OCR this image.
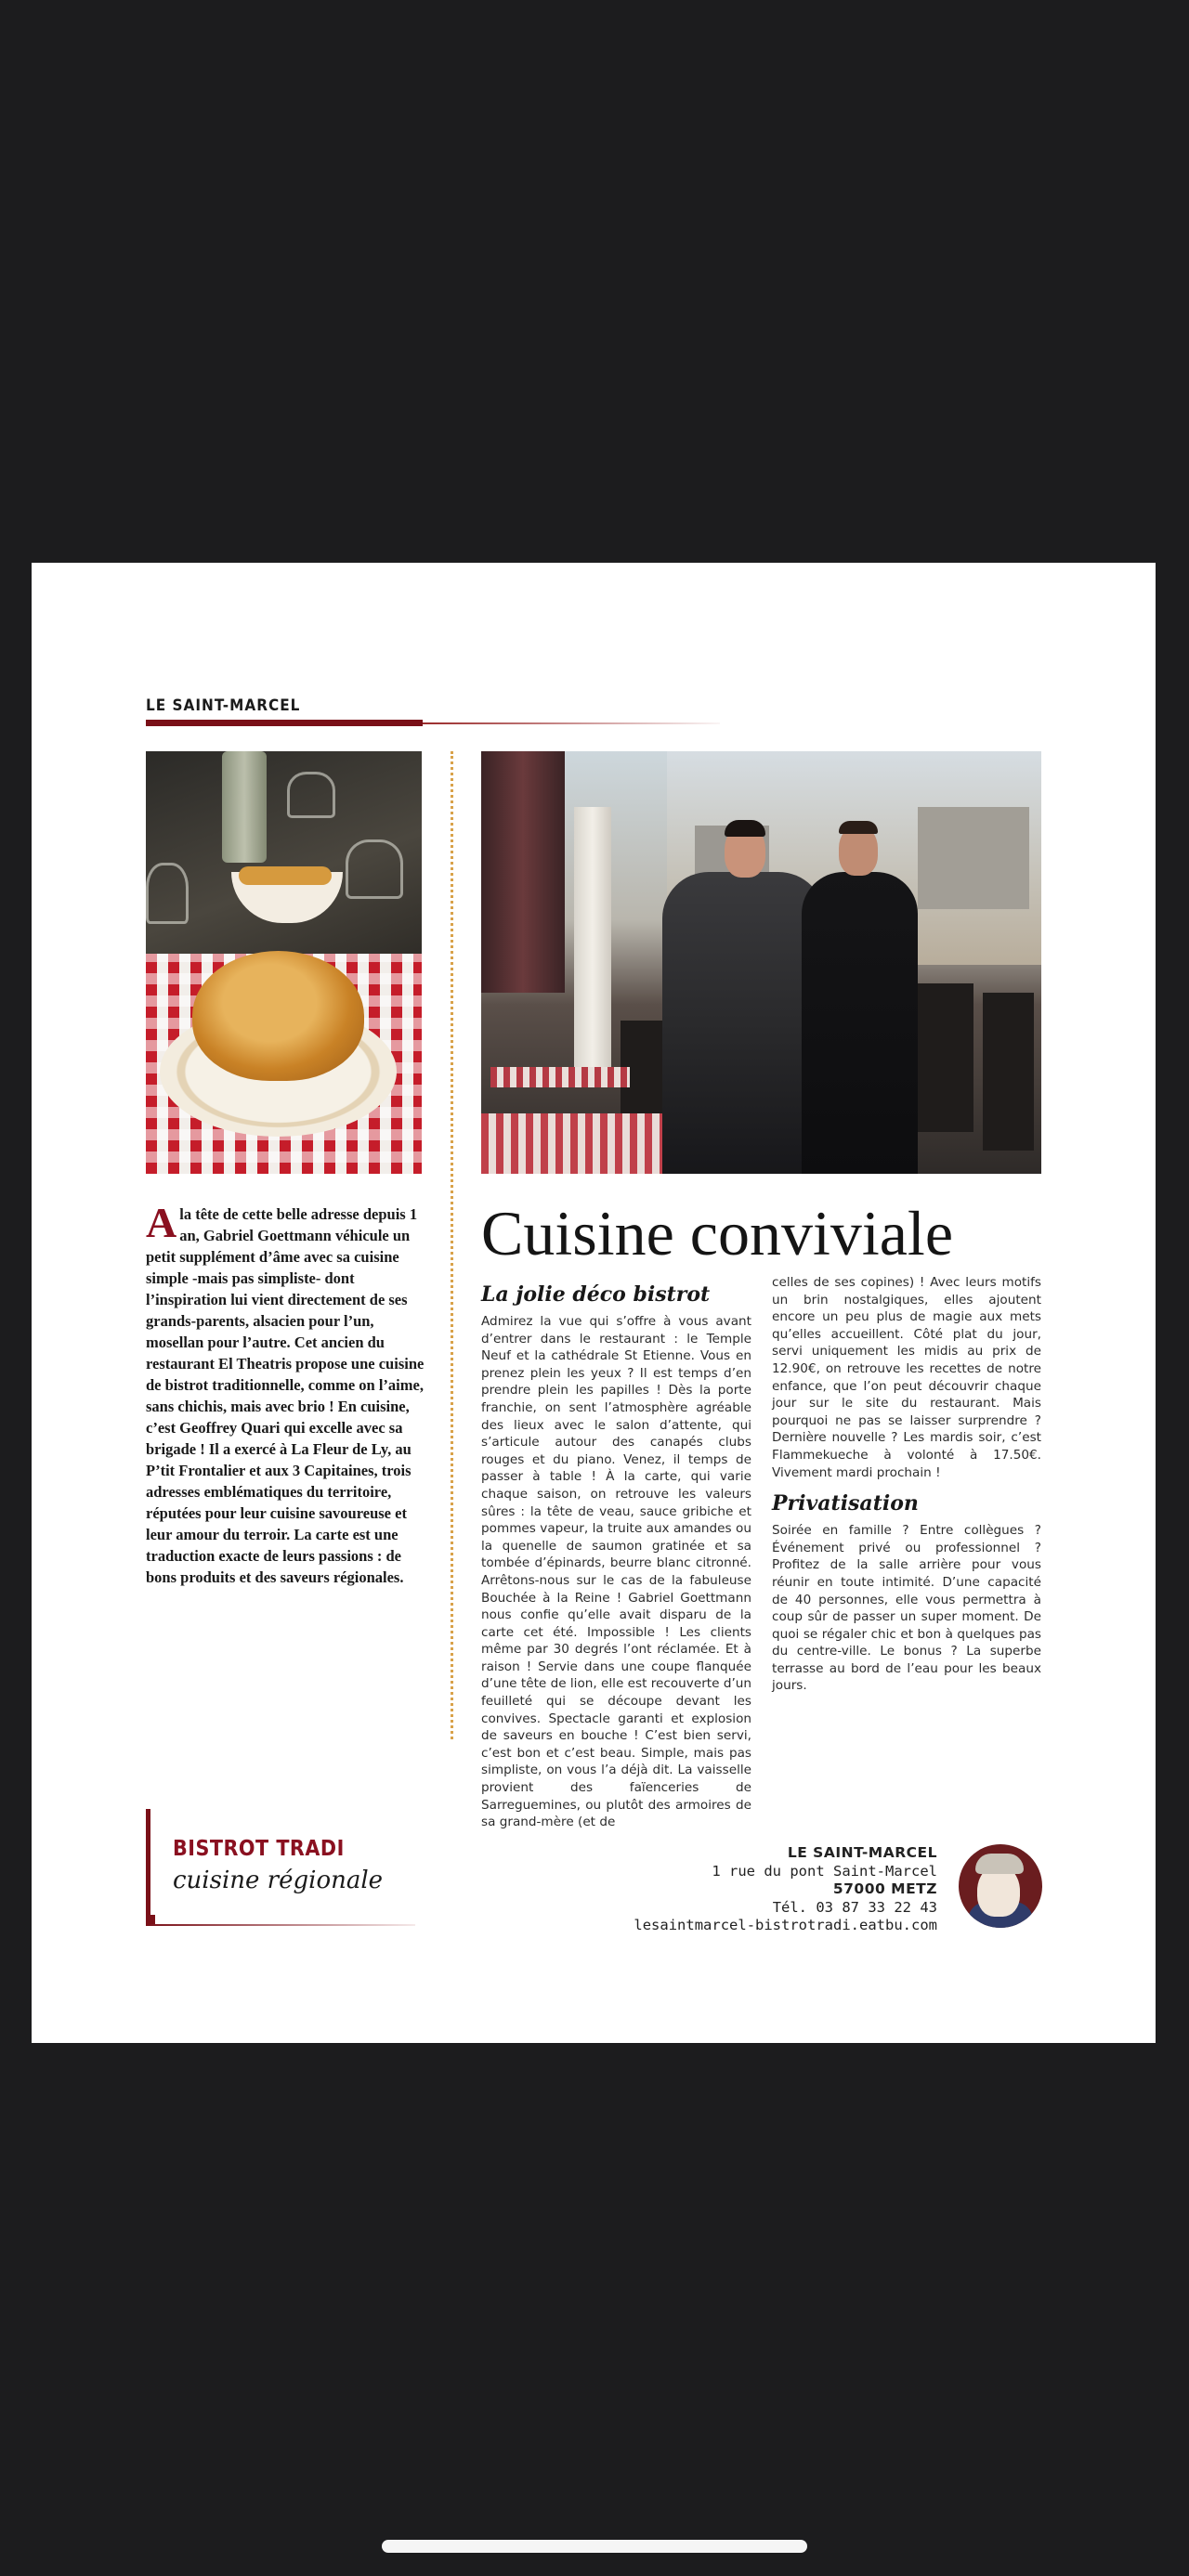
LE SAINT-MARCEL
A la tête de cette belle adresse depuis 1 an, Gabriel Goettmann véhicule un petit supplément d’âme avec sa cuisine simple -mais pas simpliste- dont l’inspiration lui vient directement de ses grands-parents, alsacien pour l’un, mosellan pour l’autre. Cet ancien du restaurant El Theatris propose une cuisine de bistrot traditionnelle, comme on l’aime, sans chichis, mais avec brio ! En cuisine, c’est Geoffrey Quari qui excelle avec sa brigade ! Il a exercé à La Fleur de Ly, au P’tit Frontalier et aux 3 Capitaines, trois adresses emblématiques du territoire, réputées pour leur cuisine savoureuse et leur amour du terroir. La carte est une traduction exacte de leurs passions : de bons produits et des saveurs régionales.
Cuisine conviviale
La jolie déco bistrot

Admirez la vue qui s’offre à vous avant d’entrer dans le restaurant : le Temple Neuf et la cathédrale St Etienne. Vous en prenez plein les yeux ? Il est temps d’en prendre plein les papilles ! Dès la porte franchie, on sent l’atmosphère agréable des lieux avec le salon d’attente, qui s’articule autour des canapés clubs rouges et du piano. Venez, il temps de passer à table ! À la carte, qui varie chaque saison, on retrouve les valeurs sûres : la tête de veau, sauce gribiche et pommes vapeur, la truite aux amandes ou la quenelle de saumon gratinée et sa tombée d’épinards, beurre blanc citronné. Arrêtons-nous sur le cas de la fabuleuse Bouchée à la Reine ! Gabriel Goettmann nous confie qu’elle avait disparu de la carte cet été. Impossible ! Les clients même par 30 degrés l’ont réclamée. Et à raison ! Servie dans une coupe flanquée d’une tête de lion, elle est recouverte d’un feuilleté qui se découpe devant les convives. Spectacle garanti et explosion de saveurs en bouche ! C’est bien servi, c’est bon et c’est beau. Simple, mais pas simpliste, on vous l’a déjà dit. La vaisselle provient des faïenceries de Sarreguemines, ou plutôt des armoires de sa grand-mère (et de

celles de ses copines) ! Avec leurs motifs un brin nostalgiques, elles ajoutent encore un peu plus de magie aux mets qu’elles accueillent. Côté plat du jour, servi uniquement les midis au prix de 12.90€, on retrouve les recettes de notre enfance, que l’on peut découvrir chaque jour sur le site du restaurant. Mais pourquoi ne pas se laisser surprendre ? Dernière nouvelle ? Les mardis soir, c’est Flammekueche à volonté à 17.50€. Vivement mardi prochain !

Privatisation

Soirée en famille ? Entre collègues ? Événement privé ou professionnel ? Profitez de la salle arrière pour vous réunir en toute intimité. D’une capacité de 40 personnes, elle vous permettra à coup sûr de passer un super moment. De quoi se régaler chic et bon à quelques pas du centre-ville. Le bonus ? La superbe terrasse au bord de l’eau pour les beaux jours.

BISTROT TRADI
cuisine régionale
LE SAINT-MARCEL
1 rue du pont Saint-Marcel
57000 METZ
Tél. 03 87 33 22 43
lesaintmarcel-bistrotradi.eatbu.com
